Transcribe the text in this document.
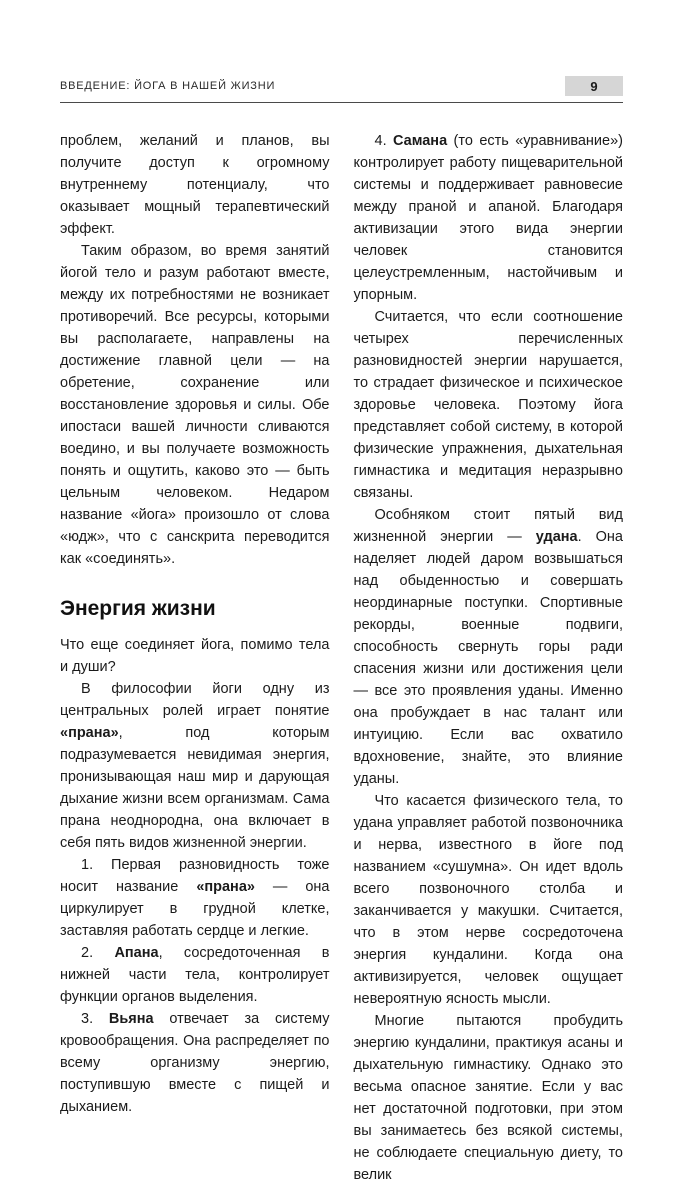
ВВЕДЕНИЕ: ЙОГА В НАШЕЙ ЖИЗНИ	9

проблем, желаний и планов, вы получите доступ к огромному внутреннему потенциалу, что оказывает мощный терапевтический эффект.

Таким образом, во время занятий йогой тело и разум работают вместе, между их потребностями не возникает противоречий. Все ресурсы, которыми вы располагаете, направлены на достижение главной цели — на обретение, сохранение или восстановление здоровья и силы. Обе ипостаси вашей личности сливаются воедино, и вы получаете возможность понять и ощутить, каково это — быть цельным человеком. Недаром название «йога» произошло от слова «юдж», что с санскрита переводится как «соединять».

Энергия жизни

Что еще соединяет йога, помимо тела и души?

В философии йоги одну из центральных ролей играет понятие «прана», под которым подразумевается невидимая энергия, пронизывающая наш мир и дарующая дыхание жизни всем организмам. Сама прана неоднородна, она включает в себя пять видов жизненной энергии.

1. Первая разновидность тоже носит название «прана» — она циркулирует в грудной клетке, заставляя работать сердце и легкие.

2. Апана, сосредоточенная в нижней части тела, контролирует функции органов выделения.

3. Вьяна отвечает за систему кровообращения. Она распределяет по всему организму энергию, поступившую вместе с пищей и дыханием.

4. Самана (то есть «уравнивание») контролирует работу пищеварительной системы и поддерживает равновесие между праной и апаной. Благодаря активизации этого вида энергии человек становится целеустремленным, настойчивым и упорным.

Считается, что если соотношение четырех перечисленных разновидностей энергии нарушается, то страдает физическое и психическое здоровье человека. Поэтому йога представляет собой систему, в которой физические упражнения, дыхательная гимнастика и медитация неразрывно связаны.

Особняком стоит пятый вид жизненной энергии — удана. Она наделяет людей даром возвышаться над обыденностью и совершать неординарные поступки. Спортивные рекорды, военные подвиги, способность свернуть горы ради спасения жизни или достижения цели — все это проявления уданы. Именно она пробуждает в нас талант или интуицию. Если вас охватило вдохновение, знайте, это влияние уданы.

Что касается физического тела, то удана управляет работой позвоночника и нерва, известного в йоге под названием «сушумна». Он идет вдоль всего позвоночного столба и заканчивается у макушки. Считается, что в этом нерве сосредоточена энергия кундалини. Когда она активизируется, человек ощущает невероятную ясность мысли.

Многие пытаются пробудить энергию кундалини, практикуя асаны и дыхательную гимнастику. Однако это весьма опасное занятие. Если у вас нет достаточной подготовки, при этом вы занимаетесь без всякой системы, не соблюдаете специальную диету, то велик
